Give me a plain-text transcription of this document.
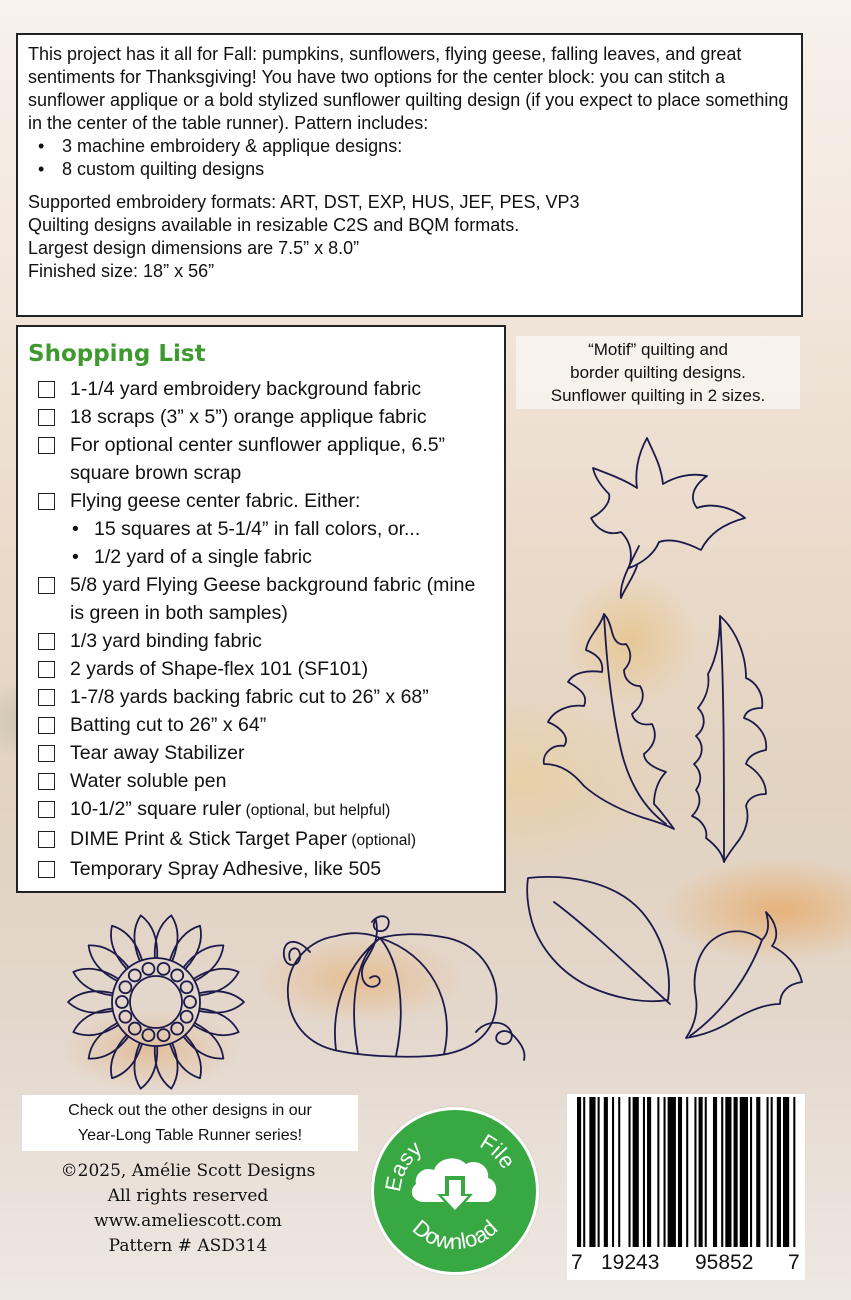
This project has it all for Fall: pumpkins, sunflowers, flying geese, falling leaves, and great sentiments for Thanksgiving! You have two options for the center block: you can stitch a sunflower applique or a bold stylized sunflower quilting design (if you expect to place something in the center of the table runner). Pattern includes:

• 3 machine embroidery & applique designs:
• 8 custom quilting designs
Supported embroidery formats: ART, DST, EXP, HUS, JEF, PES, VP3
Quilting designs available in resizable C2S and BQM formats.
Largest design dimensions are 7.5” x 8.0”
Finished size: 18” x 56”
Shopping List
1-1/4 yard embroidery background fabric
18 scraps (3” x 5”) orange applique fabric
For optional center sunflower applique, 6.5” square brown scrap
Flying geese center fabric. Either:
• 15 squares at 5-1/4” in fall colors, or...
• 1/2 yard of a single fabric
5/8 yard Flying Geese background fabric (mine is green in both samples)
1/3 yard binding fabric
2 yards of Shape-flex 101 (SF101)
1-7/8 yards backing fabric cut to 26” x 68”
Batting cut to 26” x 64”
Tear away Stabilizer
Water soluble pen
10-1/2” square ruler (optional, but helpful)
DIME Print & Stick Target Paper (optional)
Temporary Spray Adhesive, like 505
“Motif” quilting and
border quilting designs.
Sunflower quilting in 2 sizes.
Check out the other designs in our
Year-Long Table Runner series!
©2025, Amélie Scott Designs
All rights reserved
www.ameliescott.com
Pattern # ASD314
Easy File
Download
7 19243 95852 7
